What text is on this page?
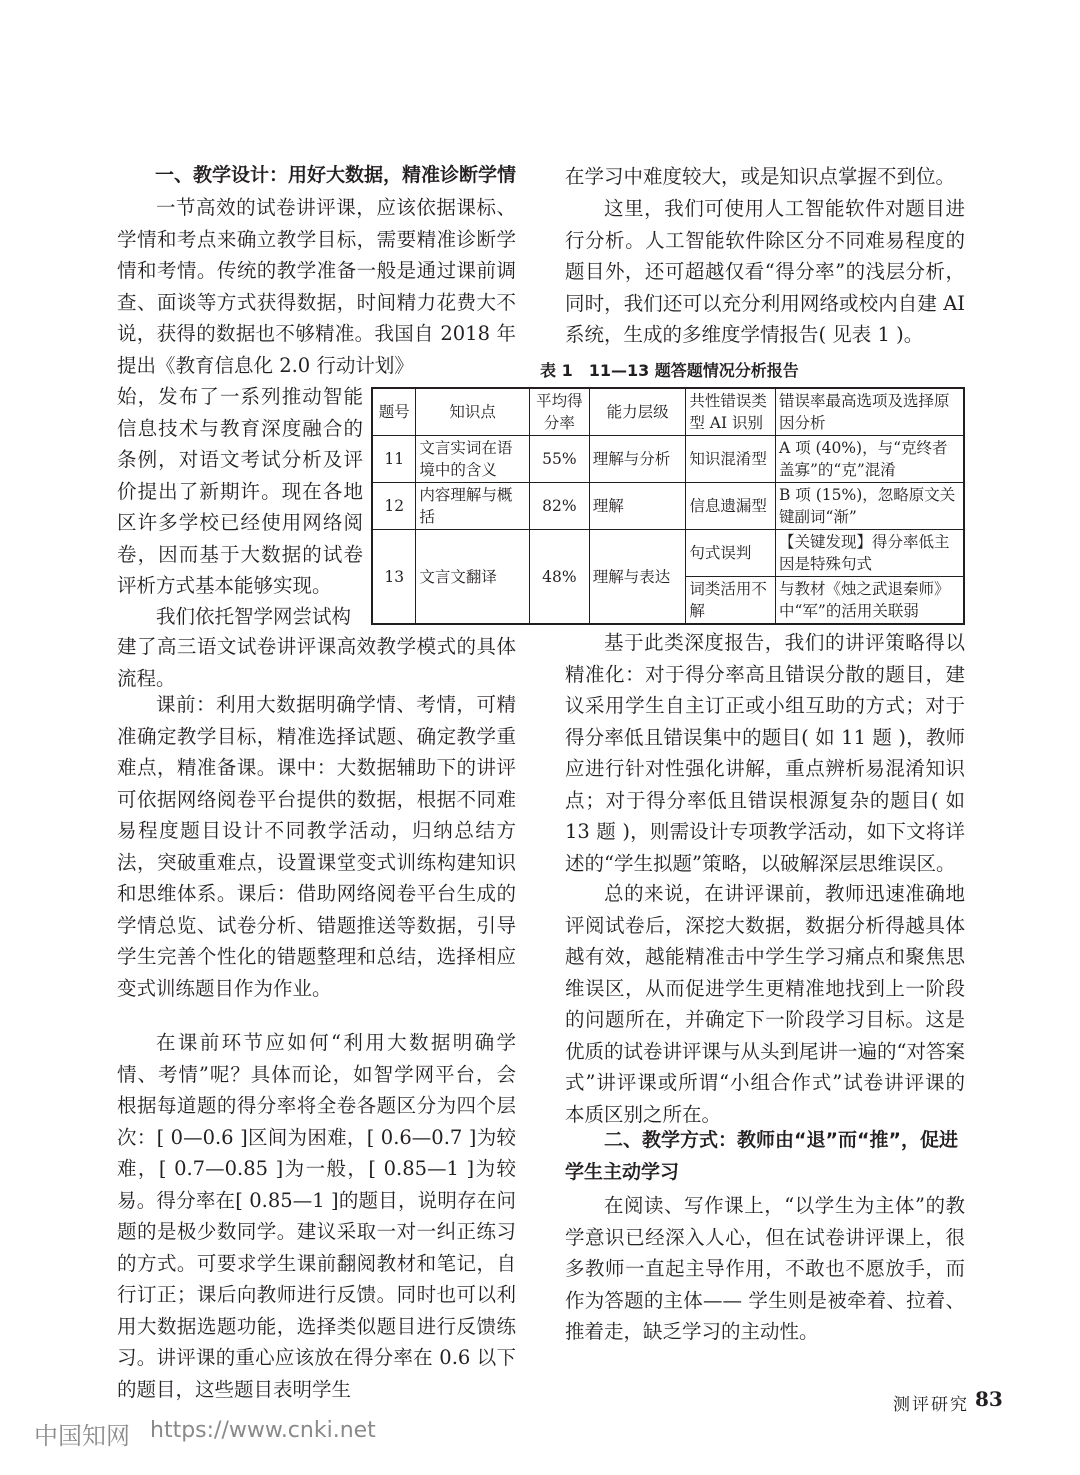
一、教学设计：用好大数据，精准诊断学情

一节高效的试卷讲评课，应该依据课标、学情和考点来确立教学目标，需要精准诊断学情和考情。传统的教学准备一般是通过课前调查、面谈等方式获得数据，时间精力花费大不说，获得的数据也不够精准。我国自 2018 年提出《教育信息化 2.0 行动计划》

始，发布了一系列推动智能信息技术与教育深度融合的条例，对语文考试分析及评价提出了新期许。现在各地区许多学校已经使用网络阅卷，因而基于大数据的试卷评析方式基本能够实现。

我们依托智学网尝试构

建了高三语文试卷讲评课高效教学模式的具体流程。

课前：利用大数据明确学情、考情，可精准确定教学目标，精准选择试题、确定教学重难点，精准备课。课中：大数据辅助下的讲评可依据网络阅卷平台提供的数据，根据不同难易程度题目设计不同教学活动，归纳总结方法，突破重难点，设置课堂变式训练构建知识和思维体系。课后：借助网络阅卷平台生成的学情总览、试卷分析、错题推送等数据，引导学生完善个性化的错题整理和总结，选择相应变式训练题目作为作业。

在课前环节应如何“利用大数据明确学情、考情”呢？具体而论，如智学网平台，会根据每道题的得分率将全卷各题区分为四个层次：[ 0—0.6 ]区间为困难，[ 0.6—0.7 ]为较难，[ 0.7—0.85 ]为一般，[ 0.85—1 ]为较易。得分率在[ 0.85—1 ]的题目，说明存在问题的是极少数同学。建议采取一对一纠正练习的方式。可要求学生课前翻阅教材和笔记，自行订正；课后向教师进行反馈。同时也可以利用大数据选题功能，选择类似题目进行反馈练习。讲评课的重心应该放在得分率在 0.6 以下的题目，这些题目表明学生

在学习中难度较大，或是知识点掌握不到位。

这里，我们可使用人工智能软件对题目进行分析。人工智能软件除区分不同难易程度的题目外，还可超越仅看“得分率”的浅层分析，同时，我们还可以充分利用网络或校内自建 AI 系统，生成的多维度学情报告( 见表 1 )。

表 1　11—13 题答题情况分析报告
题号	知识点	平均得分率	能力层级	共性错误类型 AI 识别	错误率最高选项及选择原因分析
11	文言实词在语境中的含义	55%	理解与分析	知识混淆型	A 项 (40%)，与“克终者盖寡”的“克”混淆
12	内容理解与概括	82%	理解	信息遗漏型	B 项 (15%)，忽略原文关键副词“渐”
13	文言文翻译	48%	理解与表达	句式误判	【关键发现】得分率低主因是特殊句式
				词类活用不解	与教材《烛之武退秦师》中“军”的活用关联弱

基于此类深度报告，我们的讲评策略得以精准化：对于得分率高且错误分散的题目，建议采用学生自主订正或小组互助的方式；对于得分率低且错误集中的题目( 如 11 题 )，教师应进行针对性强化讲解，重点辨析易混淆知识点；对于得分率低且错误根源复杂的题目( 如 13 题 )，则需设计专项教学活动，如下文将详述的“学生拟题”策略，以破解深层思维误区。

总的来说，在讲评课前，教师迅速准确地评阅试卷后，深挖大数据，数据分析得越具体越有效，越能精准击中学生学习痛点和聚焦思维误区，从而促进学生更精准地找到上一阶段的问题所在，并确定下一阶段学习目标。这是优质的试卷讲评课与从头到尾讲一遍的“对答案式”讲评课或所谓“小组合作式”试卷讲评课的本质区别之所在。

二、教学方式：教师由“退”而“推”，促进学生主动学习

在阅读、写作课上，“以学生为主体”的教学意识已经深入人心，但在试卷讲评课上，很多教师一直起主导作用，不敢也不愿放手，而作为答题的主体—— 学生则是被牵着、拉着、推着走，缺乏学习的主动性。

测评研究 83
中国知网 https://www.cnki.net
